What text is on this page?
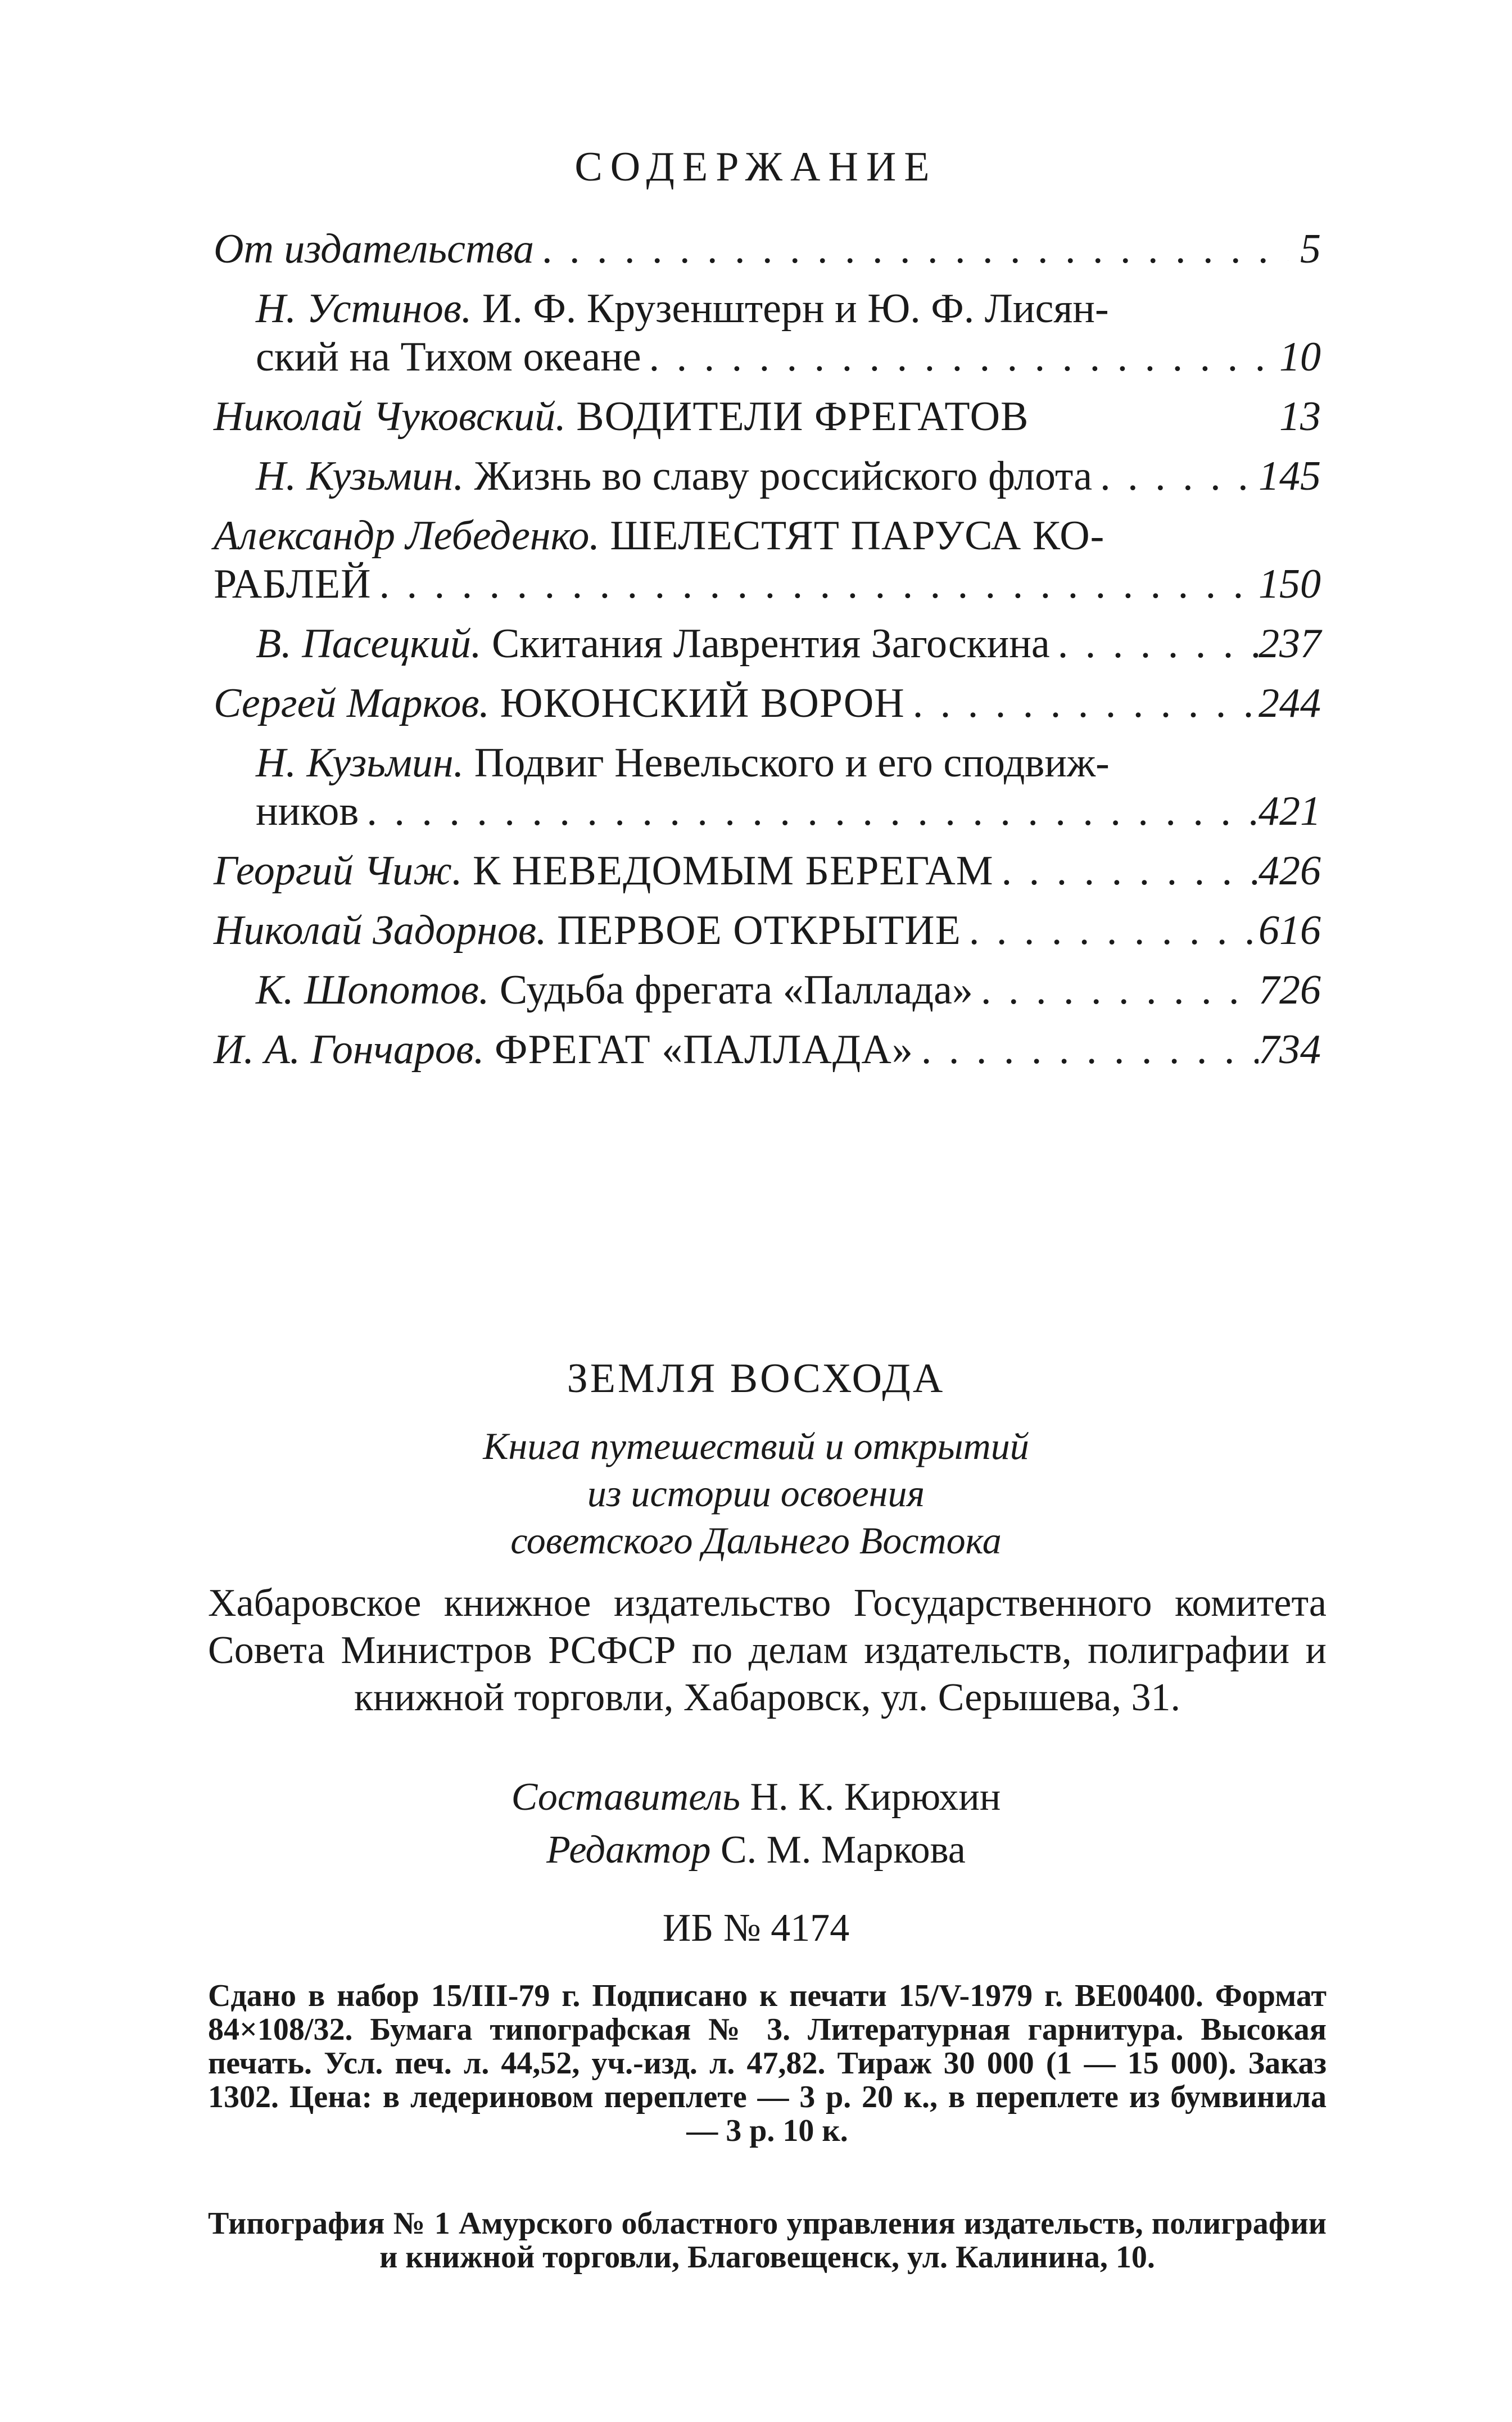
СОДЕРЖАНИЕ
От издательства . . .	5
Н. Устинов. И. Ф. Крузенштерн и Ю. Ф. Лисян-
ский на Тихом океане . . .	10
Николай Чуковский. ВОДИТЕЛИ ФРЕГАТОВ	13
Н. Кузьмин. Жизнь во славу российского флота . . .	145
Александр Лебеденко. ШЕЛЕСТЯТ ПАРУСА КО-
РАБЛЕЙ . . .	150
В. Пасецкий. Скитания Лаврентия Загоскина . . .	237
Сергей Марков. ЮКОНСКИЙ ВОРОН . . .	244
Н. Кузьмин. Подвиг Невельского и его сподвиж-
ников . . .	421
Георгий Чиж. К НЕВЕДОМЫМ БЕРЕГАМ . . .	426
Николай Задорнов. ПЕРВОЕ ОТКРЫТИЕ . . .	616
К. Шопотов. Судьба фрегата «Паллада» . . .	726
И. А. Гончаров. ФРЕГАТ «ПАЛЛАДА» . . .	734
ЗЕМЛЯ ВОСХОДА
Книга путешествий и открытий
из истории освоения
советского Дальнего Востока
Хабаровское книжное издательство Государственного комитета Совета Министров РСФСР по делам издательств, полиграфии и книжной торговли, Хабаровск, ул. Серышева, 31.
Составитель Н. К. Кирюхин
Редактор С. М. Маркова
ИБ № 4174
Сдано в набор 15/III-79 г. Подписано к печати 15/V-1979 г. ВЕ00400. Формат 84×108/32. Бумага типографская № 3. Литературная гарнитура. Высокая печать. Усл. печ. л. 44,52, уч.-изд. л. 47,82. Тираж 30 000 (1 — 15 000). Заказ 1302. Цена: в ледериновом переплете — 3 р. 20 к., в переплете из бумвинила — 3 р. 10 к.
Типография № 1 Амурского областного управления издательств, полиграфии и книжной торговли, Благовещенск, ул. Калинина, 10.
